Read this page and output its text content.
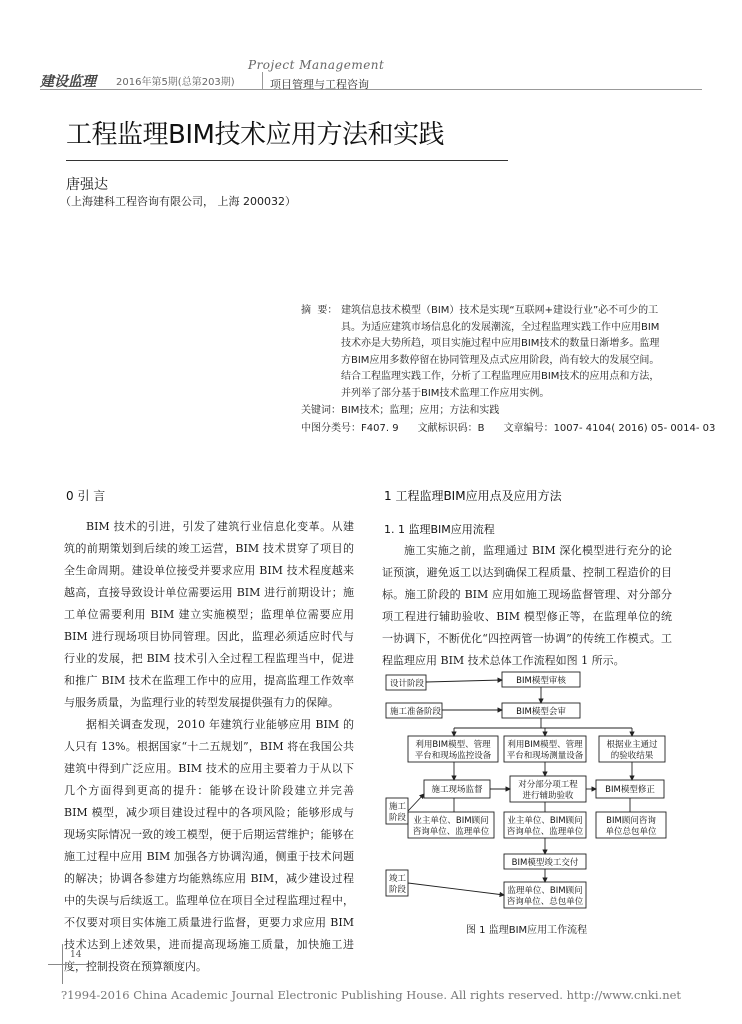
Project Management
建设监理 2016年第5期(总第203期)	项目管理与工程咨询
工程监理BIM技术应用方法和实践
唐强达
（上海建科工程咨询有限公司， 上海 200032）
摘  要： 建筑信息技术模型（BIM）技术是实现“互联网+建设行业”必不可少的工
具。为适应建筑市场信息化的发展潮流，全过程监理实践工作中应用BIM
技术亦是大势所趋，项目实施过程中应用BIM技术的数量日渐增多。监理
方BIM应用多数停留在协同管理及点式应用阶段，尚有较大的发展空间。
结合工程监理实践工作，分析了工程监理应用BIM技术的应用点和方法，
并列举了部分基于BIM技术监理工作应用实例。
关键词：BIM技术；监理；应用；方法和实践
中图分类号：F407. 9      文献标识码：B      文章编号：1007- 4104( 2016) 05- 0014- 03
0 引 言

BIM 技术的引进，引发了建筑行业信息化变革。从建筑的前期策划到后续的竣工运营，BIM 技术贯穿了项目的全生命周期。建设单位接受并要求应用 BIM 技术程度越来越高，直接导致设计单位需要运用 BIM 进行前期设计；施工单位需要利用 BIM 建立实施模型；监理单位需要应用 BIM 进行现场项目协同管理。因此，监理必须适应时代与行业的发展，把 BIM 技术引入全过程工程监理当中，促进和推广 BIM 技术在监理工作中的应用，提高监理工作效率与服务质量，为监理行业的转型发展提供强有力的保障。

据相关调查发现，2010 年建筑行业能够应用 BIM 的人只有 13%。根据国家“十二五规划”，BIM 将在我国公共建筑中得到广泛应用。BIM 技术的应用主要着力于从以下几个方面得到更高的提升：能够在设计阶段建立并完善 BIM 模型，减少项目建设过程中的各项风险；能够形成与现场实际情况一致的竣工模型，便于后期运营维护；能够在施工过程中应用 BIM 加强各方协调沟通，侧重于技术问题的解决；协调各参建方均能熟练应用 BIM，减少建设过程中的失误与后续返工。监理单位在项目全过程监理过程中，不仅要对项目实体施工质量进行监督，更要力求应用 BIM 技术达到上述效果，进而提高现场施工质量，加快施工进度，控制投资在预算额度内。

1 工程监理BIM应用点及应用方法
1. 1 监理BIM应用流程

施工实施之前，监理通过 BIM 深化模型进行充分的论证预演，避免返工以达到确保工程质量、控制工程造价的目标。施工阶段的 BIM 应用如施工现场监督管理、对分部分项工程进行辅助验收、BIM 模型修正等，在监理单位的统一协调下，不断优化“四控两管一协调”的传统工作模式。工程监理应用 BIM 技术总体工作流程如图 1 所示。

设计阶段
施工准备阶段
施工阶段
竣工阶段
BIM模型审核
BIM模型会审
利用BIM模型、管理平台和现场监控设备
利用BIM模型、管理平台和现场测量设备
根据业主通过的验收结果
施工现场监督	对分部分项工程进行辅助验收
BIM模型修正
业主单位、BIM顾问咨询单位、监理单位
业主单位、BIM顾问咨询单位、监理单位
BIM顾问咨询单位总包单位
BIM模型竣工交付
监理单位、BIM顾问咨询单位、总包单位
图 1 监理BIM应用工作流程
14
?1994-2016 China Academic Journal Electronic Publishing House. All rights reserved. http://www.cnki.net
